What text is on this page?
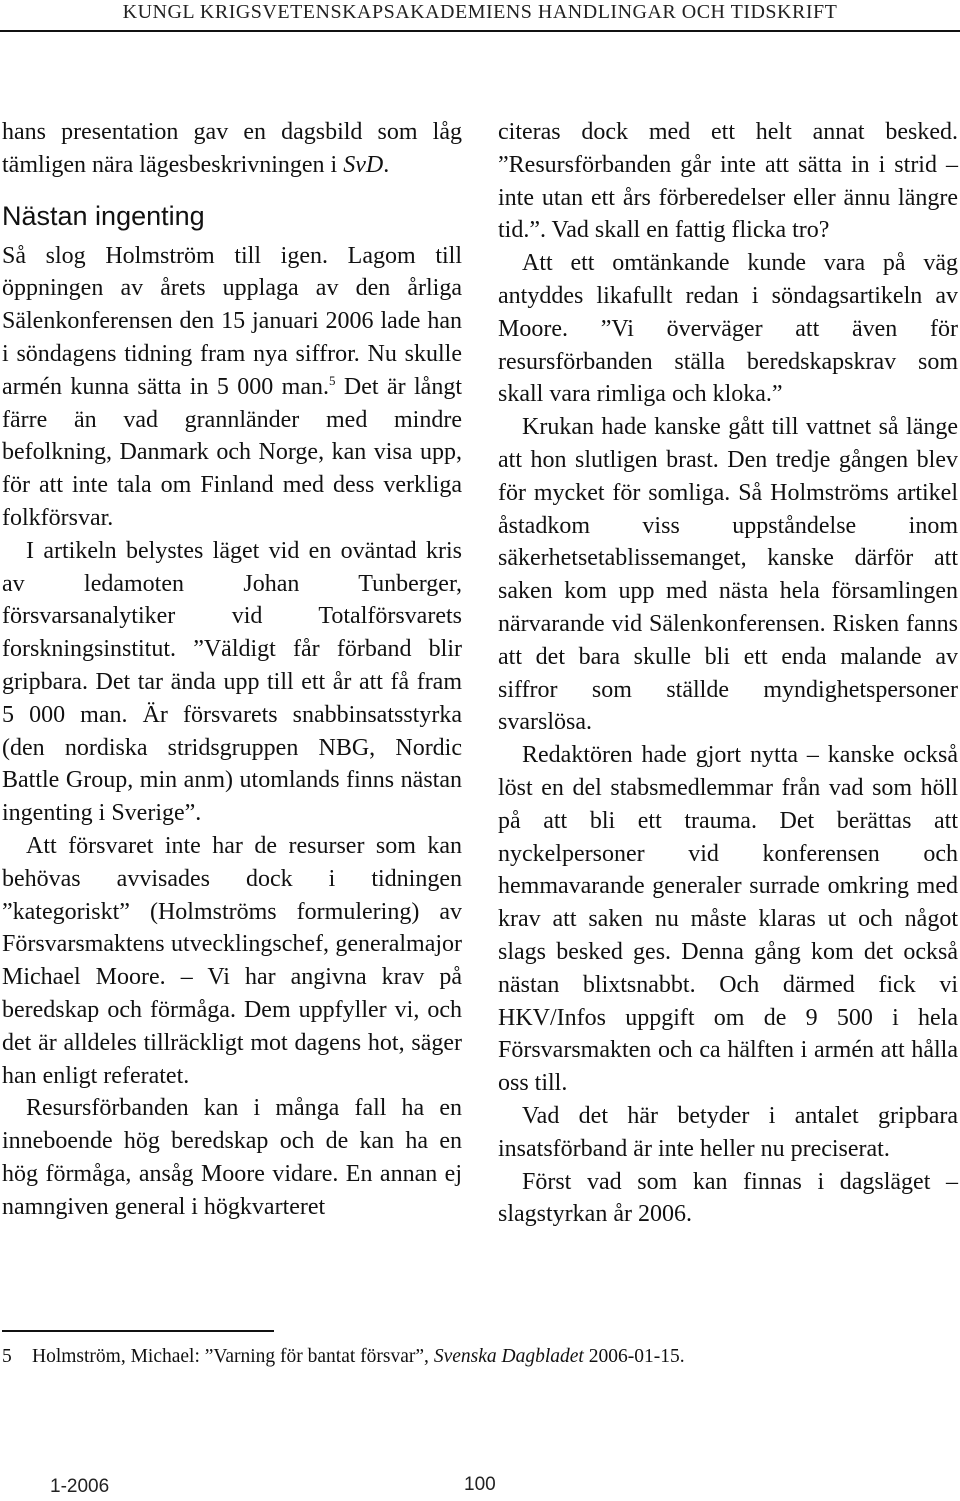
KUNGL KRIGSVETENSKAPSAKADEMIENS HANDLINGAR OCH TIDSKRIFT

hans presentation gav en dagsbild som låg tämligen nära lägesbeskrivningen i SvD.

Nästan ingenting

Så slog Holmström till igen. Lagom till öppningen av årets upplaga av den årliga Sälenkonferensen den 15 januari 2006 lade han i söndagens tidning fram nya siffror. Nu skulle armén kunna sätta in 5 000 man.$^5$ Det är långt färre än vad grannländer med mindre befolkning, Danmark och Norge, kan visa upp, för att inte tala om Finland med dess verkliga folkförsvar.

I artikeln belystes läget vid en oväntad kris av ledamoten Johan Tunberger, försvarsanalytiker vid Totalförsvarets forskningsinstitut. ”Väldigt får förband blir gripbara. Det tar ända upp till ett år att få fram 5 000 man. Är försvarets snabbinsatsstyrka (den nordiska stridsgruppen NBG, Nordic Battle Group, min anm) utomlands finns nästan ingenting i Sverige”.

Att försvaret inte har de resurser som kan behövas avvisades dock i tidningen ”kategoriskt” (Holmströms formulering) av Försvarsmaktens utvecklingschef, generalmajor Michael Moore. – Vi har angivna krav på beredskap och förmåga. Dem uppfyller vi, och det är alldeles tillräckligt mot dagens hot, säger han enligt referatet.

Resursförbanden kan i många fall ha en inneboende hög beredskap och de kan ha en hög förmåga, ansåg Moore vidare. En annan ej namngiven general i högkvarteret

citeras dock med ett helt annat besked. ”Resursförbanden går inte att sätta in i strid – inte utan ett års förberedelser eller ännu längre tid.”. Vad skall en fattig flicka tro?

Att ett omtänkande kunde vara på väg antyddes likafullt redan i söndagsartikeln av Moore. ”Vi överväger att även för resursförbanden ställa beredskapskrav som skall vara rimliga och kloka.”

Krukan hade kanske gått till vattnet så länge att hon slutligen brast. Den tredje gången blev för mycket för somliga. Så Holmströms artikel åstadkom viss uppståndelse inom säkerhetsetablissemanget, kanske därför att saken kom upp med nästa hela församlingen närvarande vid Sälenkonferensen. Risken fanns att det bara skulle bli ett enda malande av siffror som ställde myndighetspersoner svarslösa.

Redaktören hade gjort nytta – kanske också löst en del stabsmedlemmar från vad som höll på att bli ett trauma. Det berättas att nyckelpersoner vid konferensen och hemmavarande generaler surrade omkring med krav att saken nu måste klaras ut och något slags besked ges. Denna gång kom det också nästan blixtsnabbt. Och därmed fick vi HKV/Infos uppgift om de 9 500 i hela Försvarsmakten och ca hälften i armén att hålla oss till.

Vad det här betyder i antalet gripbara insatsförband är inte heller nu preciserat.

Först vad som kan finnas i dagsläget – slagstyrkan år 2006.

5 Holmström, Michael: ”Varning för bantat försvar”, Svenska Dagbladet 2006-01-15.
1-2006	100
